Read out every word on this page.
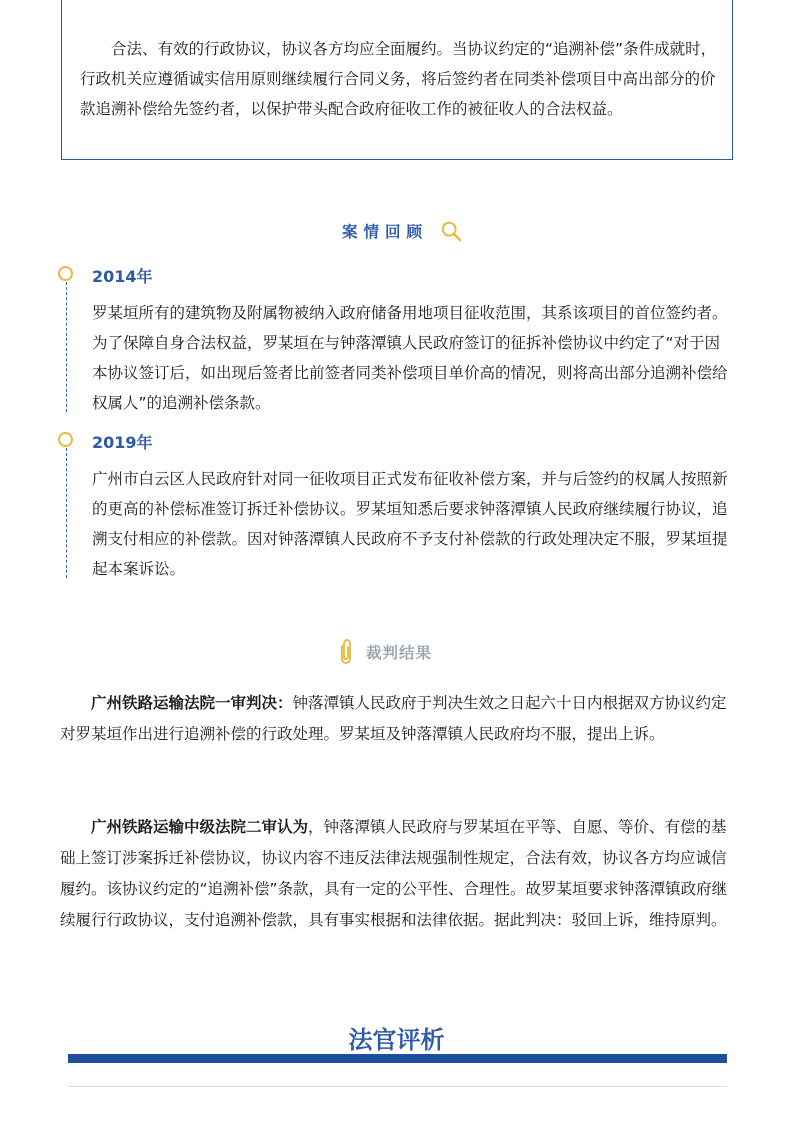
合法、有效的行政协议，协议各方均应全面履约。当协议约定的“追溯补偿”条件成就时，行政机关应遵循诚实信用原则继续履行合同义务，将后签约者在同类补偿项目中高出部分的价款追溯补偿给先签约者，以保护带头配合政府征收工作的被征收人的合法权益。

案情回顾
2014年

罗某垣所有的建筑物及附属物被纳入政府储备用地项目征收范围，其系该项目的首位签约者。为了保障自身合法权益，罗某垣在与钟落潭镇人民政府签订的征拆补偿协议中约定了“对于因本协议签订后，如出现后签者比前签者同类补偿项目单价高的情况，则将高出部分追溯补偿给权属人”的追溯补偿条款。

2019年

广州市白云区人民政府针对同一征收项目正式发布征收补偿方案，并与后签约的权属人按照新的更高的补偿标准签订拆迁补偿协议。罗某垣知悉后要求钟落潭镇人民政府继续履行协议，追溯支付相应的补偿款。因对钟落潭镇人民政府不予支付补偿款的行政处理决定不服，罗某垣提起本案诉讼。

裁判结果

广州铁路运输法院一审判决：钟落潭镇人民政府于判决生效之日起六十日内根据双方协议约定对罗某垣作出进行追溯补偿的行政处理。罗某垣及钟落潭镇人民政府均不服，提出上诉。

广州铁路运输中级法院二审认为，钟落潭镇人民政府与罗某垣在平等、自愿、等价、有偿的基础上签订涉案拆迁补偿协议，协议内容不违反法律法规强制性规定，合法有效，协议各方均应诚信履约。该协议约定的“追溯补偿”条款，具有一定的公平性、合理性。故罗某垣要求钟落潭镇政府继续履行行政协议，支付追溯补偿款，具有事实根据和法律依据。据此判决：驳回上诉，维持原判。

法官评析
